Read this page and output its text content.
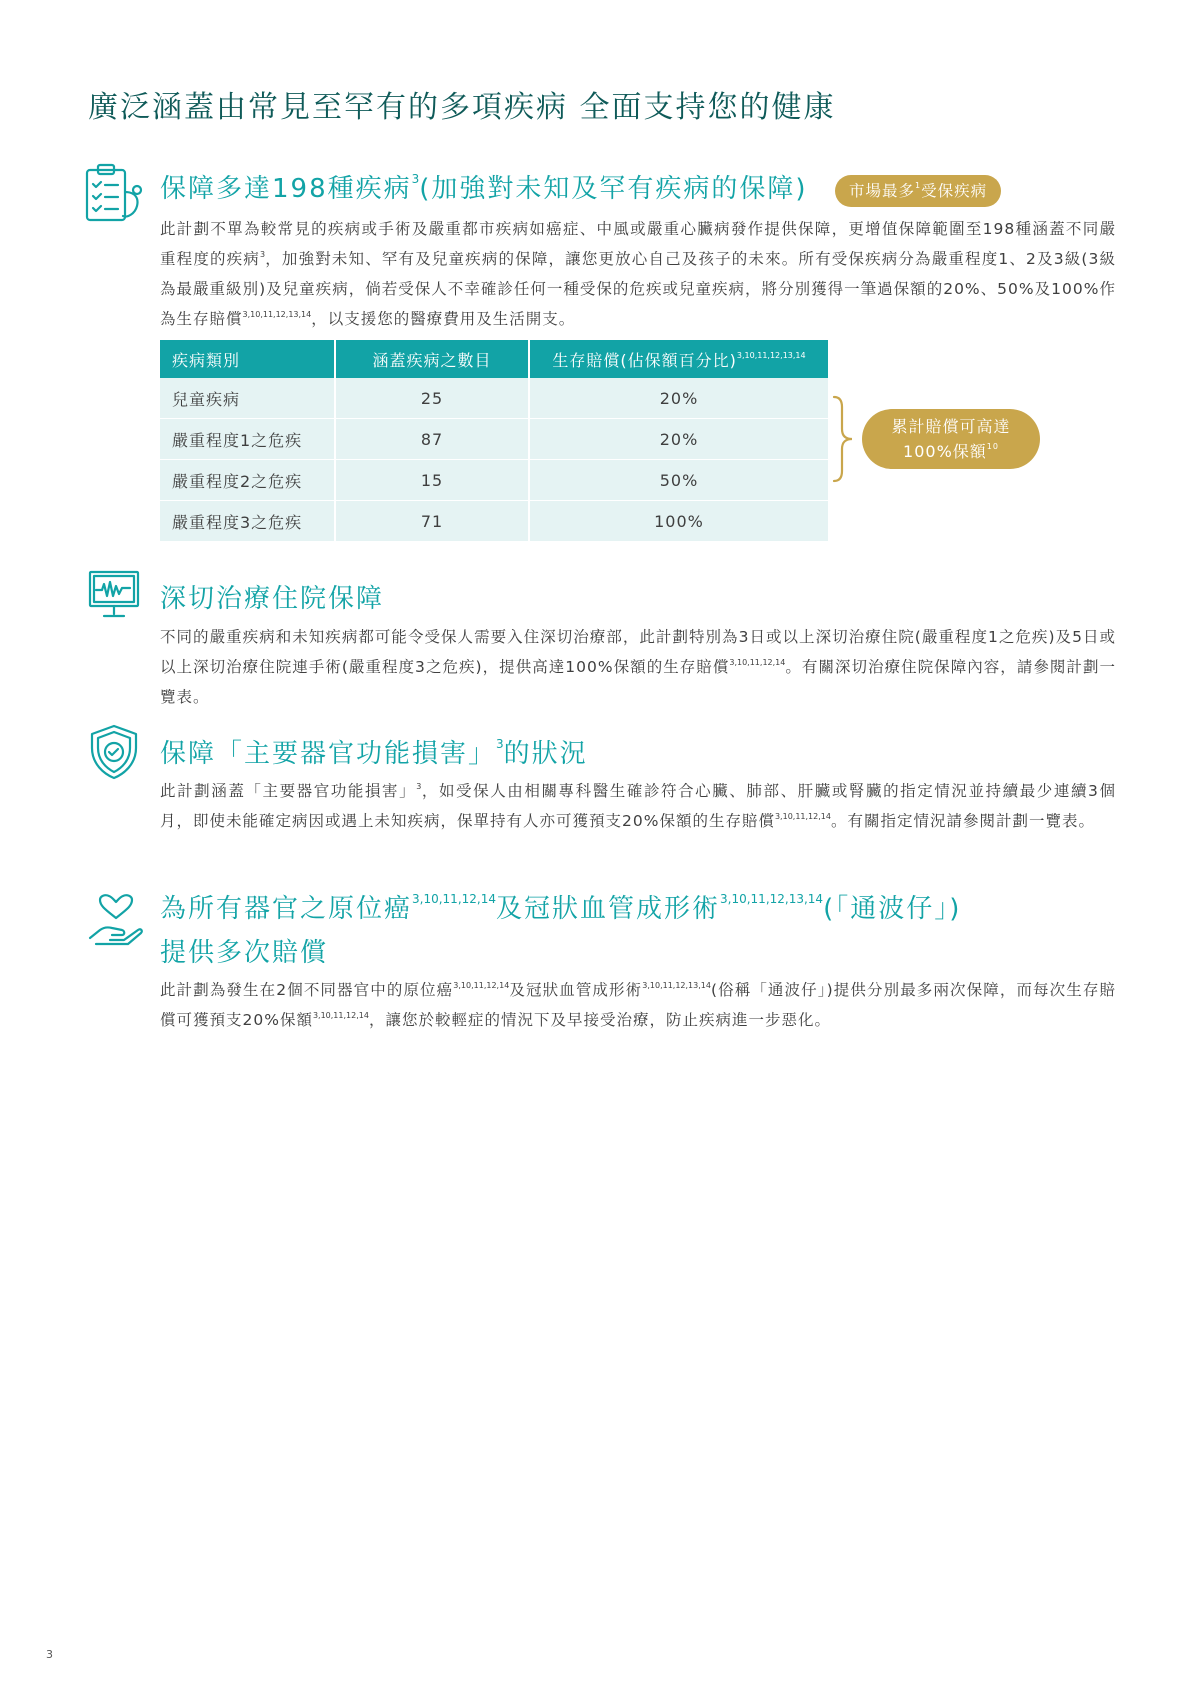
廣泛涵蓋由常見至罕有的多項疾病 全面支持您的健康
保障多達198種疾病$^3$(加強對未知及罕有疾病的保障)	市場最多$^1$受保疾病

此計劃不單為較常見的疾病或手術及嚴重都市疾病如癌症、中風或嚴重心臟病發作提供保障，更增值保障範圍至198種涵蓋不同嚴重程度的疾病$^3$，加強對未知、罕有及兒童疾病的保障，讓您更放心自己及孩子的未來。所有受保疾病分為嚴重程度1、2及3級(3級為最嚴重級別)及兒童疾病，倘若受保人不幸確診任何一種受保的危疾或兒童疾病，將分別獲得一筆過保額的20%、50%及100%作為生存賠償$^{3,10,11,12,13,14}$，以支援您的醫療費用及生活開支。

疾病類別	涵蓋疾病之數目	生存賠償(佔保額百分比)$^{3,10,11,12,13,14}$
兒童疾病	25	20%
嚴重程度1之危疾	87	20%
嚴重程度2之危疾	15	50%
嚴重程度3之危疾	71	100%
累計賠償可高達
100%保額$^{10}$
深切治療住院保障

不同的嚴重疾病和未知疾病都可能令受保人需要入住深切治療部，此計劃特別為3日或以上深切治療住院(嚴重程度1之危疾)及5日或以上深切治療住院連手術(嚴重程度3之危疾)，提供高達100%保額的生存賠償$^{3,10,11,12,14}$。有關深切治療住院保障內容，請參閱計劃一覽表。

保障「主要器官功能損害」$^3$的狀況

此計劃涵蓋「主要器官功能損害」$^3$，如受保人由相關專科醫生確診符合心臟、肺部、肝臟或腎臟的指定情況並持續最少連續3個月，即使未能確定病因或遇上未知疾病，保單持有人亦可獲預支20%保額的生存賠償$^{3,10,11,12,14}$。有關指定情況請參閱計劃一覽表。

為所有器官之原位癌$^{3,10,11,12,14}$及冠狀血管成形術$^{3,10,11,12,13,14}$(「通波仔」)
提供多次賠償

此計劃為發生在2個不同器官中的原位癌$^{3,10,11,12,14}$及冠狀血管成形術$^{3,10,11,12,13,14}$(俗稱「通波仔」)提供分別最多兩次保障，而每次生存賠償可獲預支20%保額$^{3,10,11,12,14}$，讓您於較輕症的情況下及早接受治療，防止疾病進一步惡化。

3
